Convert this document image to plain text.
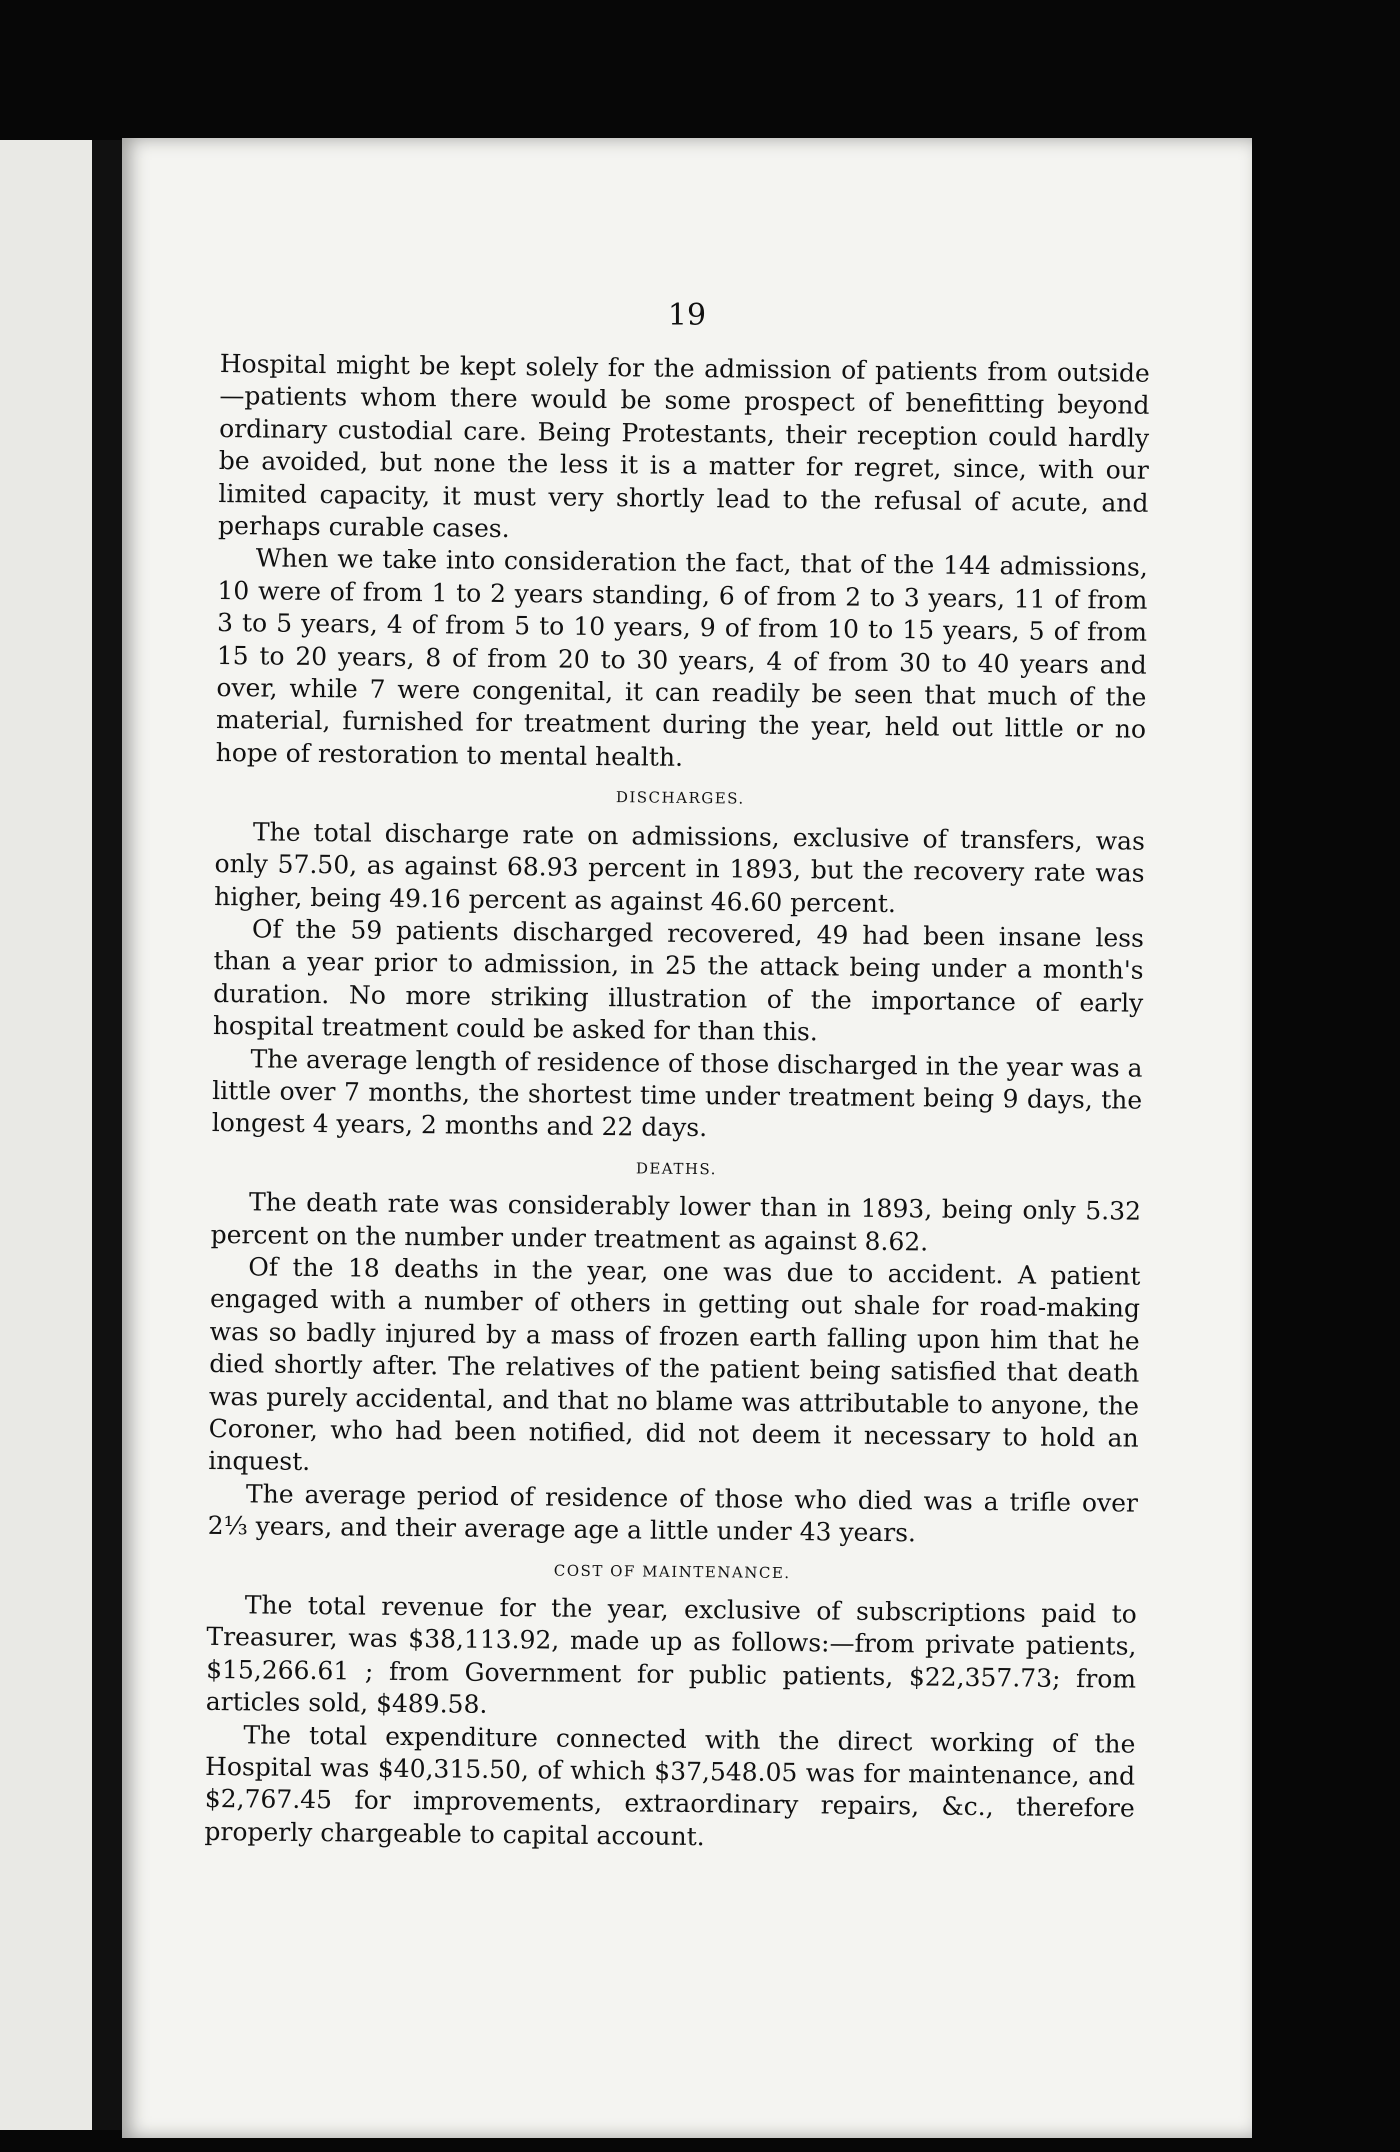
19

Hospital might be kept solely for the admission of patients from outside—patients whom there would be some prospect of benefitting beyond ordinary custodial care. Being Protestants, their reception could hardly be avoided, but none the less it is a matter for regret, since, with our limited capacity, it must very shortly lead to the refusal of acute, and perhaps curable cases.

When we take into consideration the fact, that of the 144 admissions, 10 were of from 1 to 2 years standing, 6 of from 2 to 3 years, 11 of from 3 to 5 years, 4 of from 5 to 10 years, 9 of from 10 to 15 years, 5 of from 15 to 20 years, 8 of from 20 to 30 years, 4 of from 30 to 40 years and over, while 7 were congenital, it can readily be seen that much of the material, furnished for treatment during the year, held out little or no hope of restoration to mental health.

DISCHARGES.

The total discharge rate on admissions, exclusive of transfers, was only 57.50, as against 68.93 percent in 1893, but the recovery rate was higher, being 49.16 percent as against 46.60 percent.

Of the 59 patients discharged recovered, 49 had been insane less than a year prior to admission, in 25 the attack being under a month's duration. No more striking illustration of the importance of early hospital treatment could be asked for than this.

The average length of residence of those discharged in the year was a little over 7 months, the shortest time under treatment being 9 days, the longest 4 years, 2 months and 22 days.

DEATHS.

The death rate was considerably lower than in 1893, being only 5.32 percent on the number under treatment as against 8.62.

Of the 18 deaths in the year, one was due to accident. A patient engaged with a number of others in getting out shale for road-making was so badly injured by a mass of frozen earth falling upon him that he died shortly after. The relatives of the patient being satisfied that death was purely accidental, and that no blame was attributable to anyone, the Coroner, who had been notified, did not deem it necessary to hold an inquest.

The average period of residence of those who died was a trifle over 2⅓ years, and their average age a little under 43 years.

COST OF MAINTENANCE.

The total revenue for the year, exclusive of subscriptions paid to Treasurer, was $38,113.92, made up as follows:—from private patients, $15,266.61 ; from Government for public patients, $22,357.73; from articles sold, $489.58.

The total expenditure connected with the direct working of the Hospital was $40,315.50, of which $37,548.05 was for maintenance, and $2,767.45 for improvements, extraordinary repairs, &c., therefore properly chargeable to capital account.
